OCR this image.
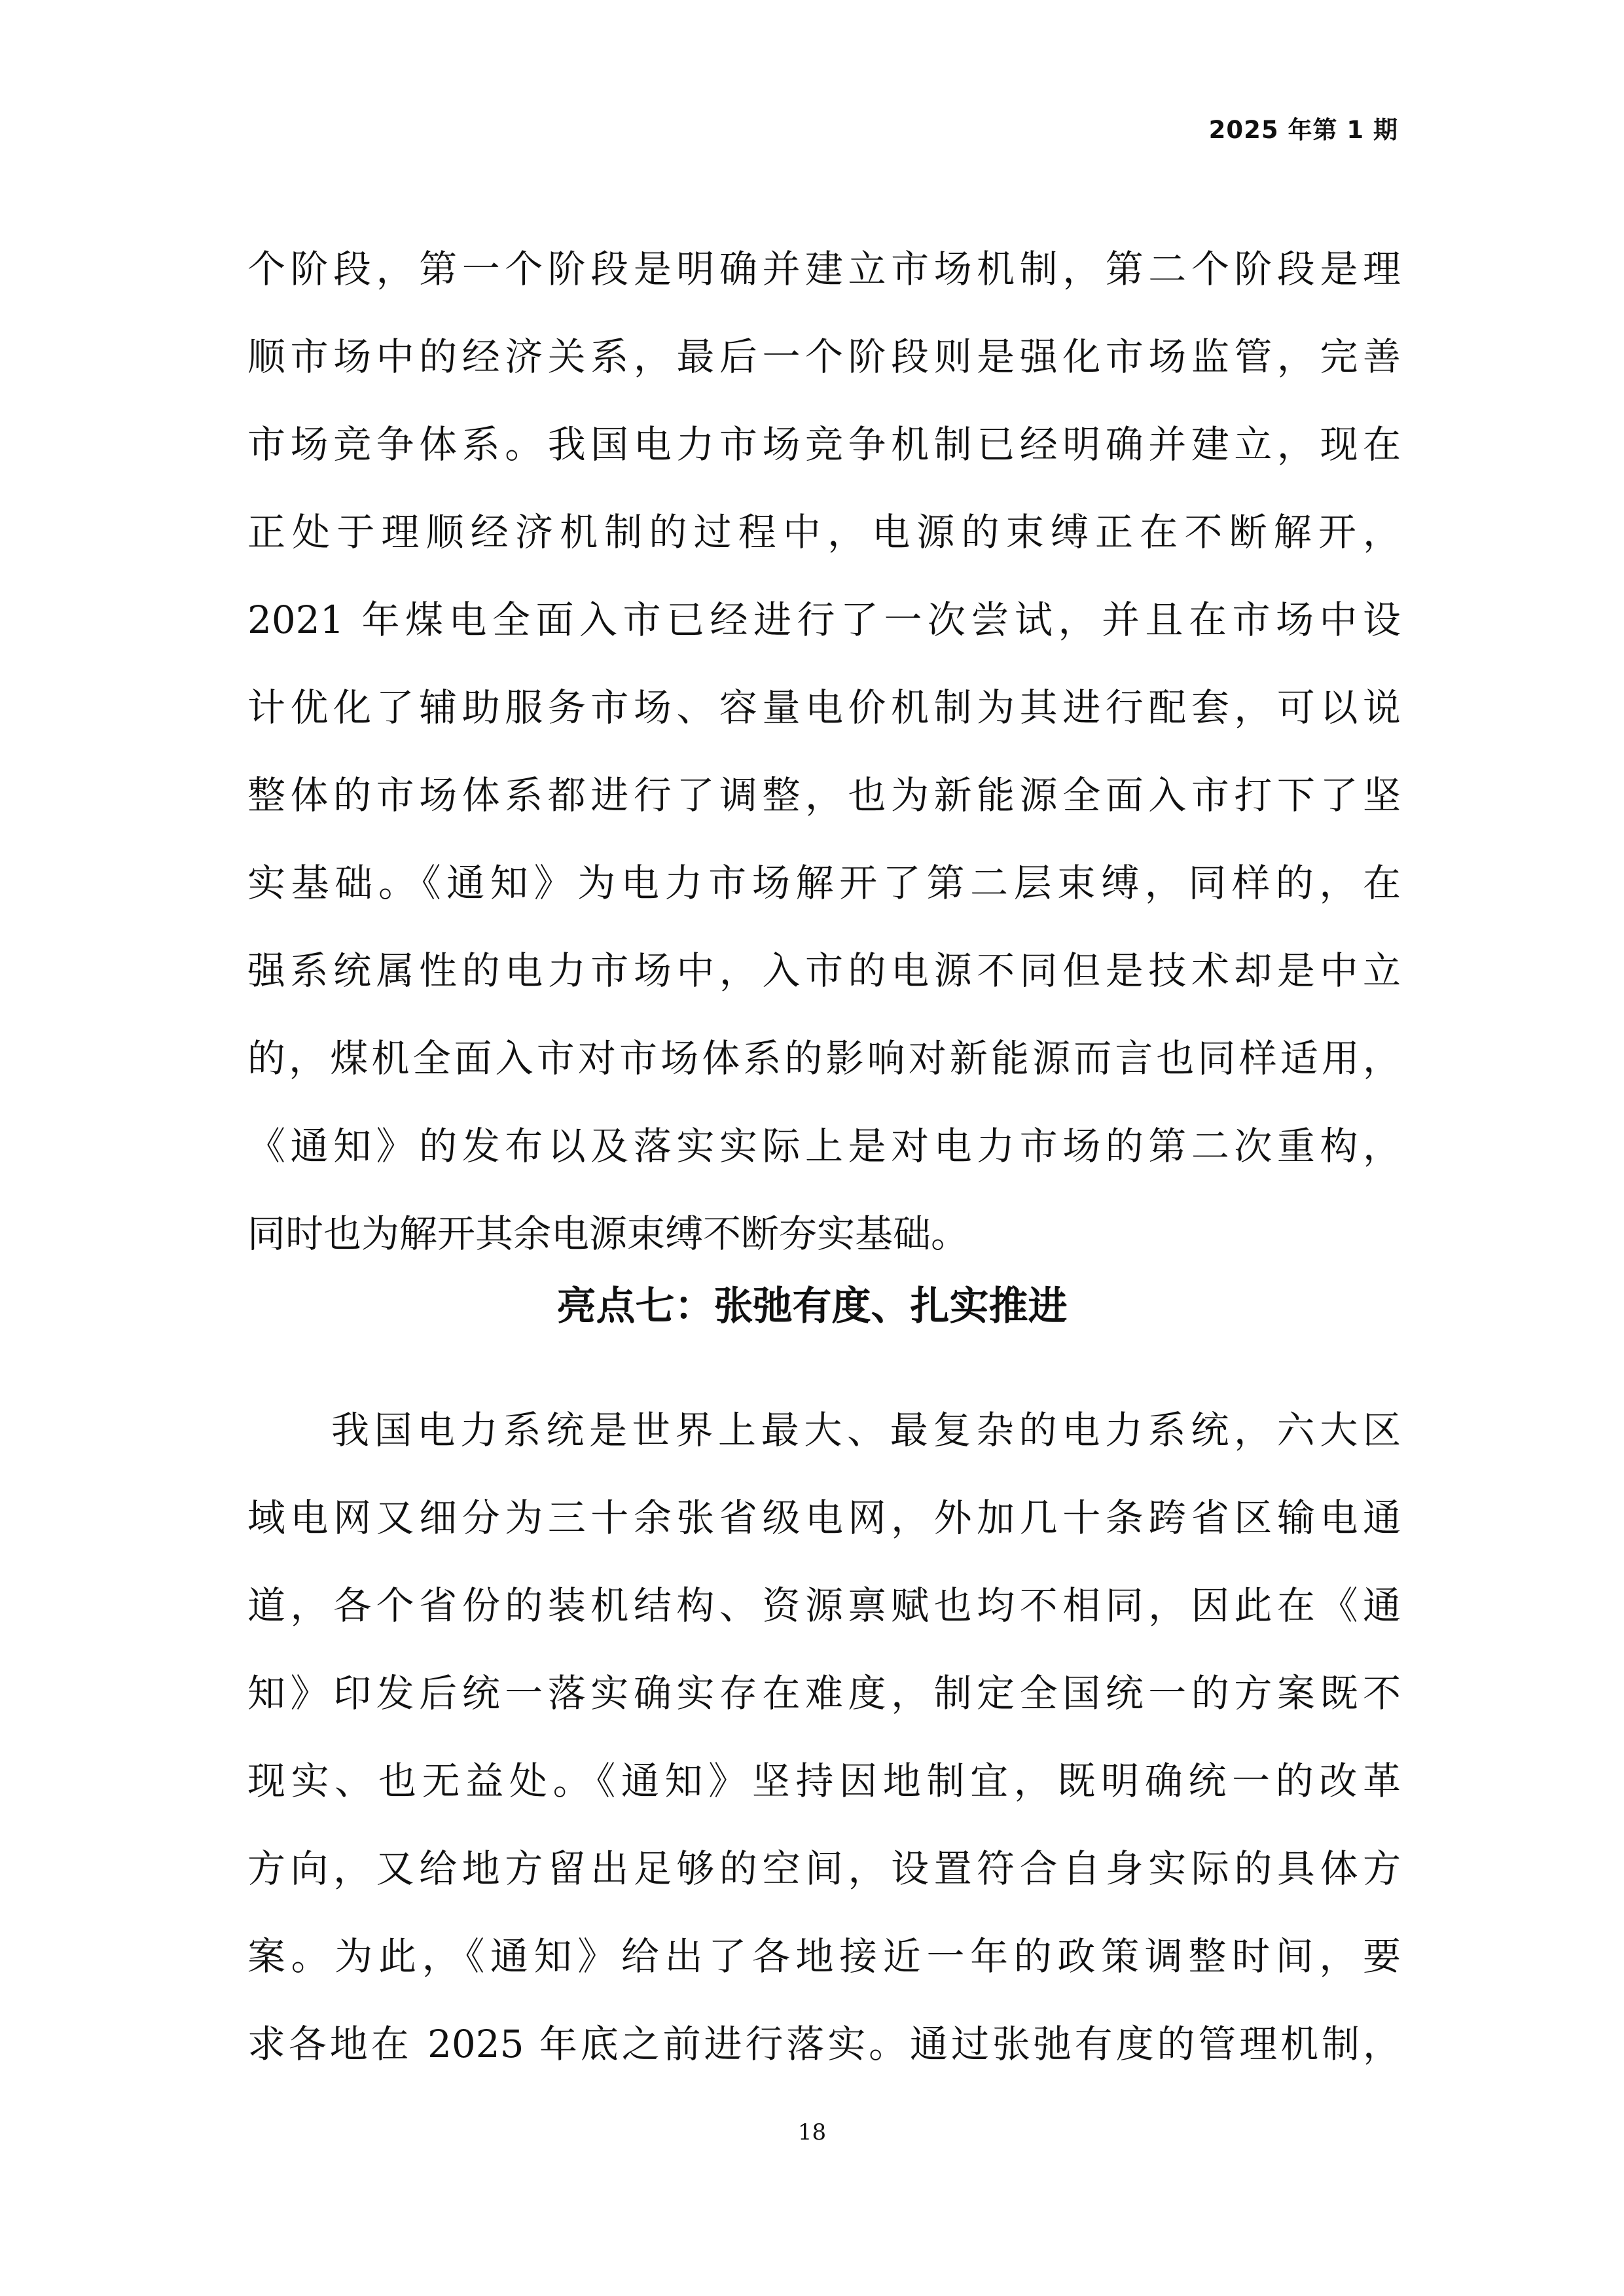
2025 年第 1 期
个阶段，第一个阶段是明确并建立市场机制，第二个阶段是理
顺市场中的经济关系，最后一个阶段则是强化市场监管，完善
市场竞争体系。我国电力市场竞争机制已经明确并建立，现在
正处于理顺经济机制的过程中，电源的束缚正在不断解开，
2021 年煤电全面入市已经进行了一次尝试，并且在市场中设
计优化了辅助服务市场、容量电价机制为其进行配套，可以说
整体的市场体系都进行了调整，也为新能源全面入市打下了坚
实基础。《通知》为电力市场解开了第二层束缚，同样的，在
强系统属性的电力市场中，入市的电源不同但是技术却是中立
的，煤机全面入市对市场体系的影响对新能源而言也同样适用，
《通知》的发布以及落实实际上是对电力市场的第二次重构，
同时也为解开其余电源束缚不断夯实基础。
亮点七：张弛有度、扎实推进
我国电力系统是世界上最大、最复杂的电力系统，六大区
域电网又细分为三十余张省级电网，外加几十条跨省区输电通
道，各个省份的装机结构、资源禀赋也均不相同，因此在《通
知》印发后统一落实确实存在难度，制定全国统一的方案既不
现实、也无益处。《通知》坚持因地制宜，既明确统一的改革
方向，又给地方留出足够的空间，设置符合自身实际的具体方
案。为此，《通知》给出了各地接近一年的政策调整时间，要
求各地在 2025 年底之前进行落实。通过张弛有度的管理机制，
18
